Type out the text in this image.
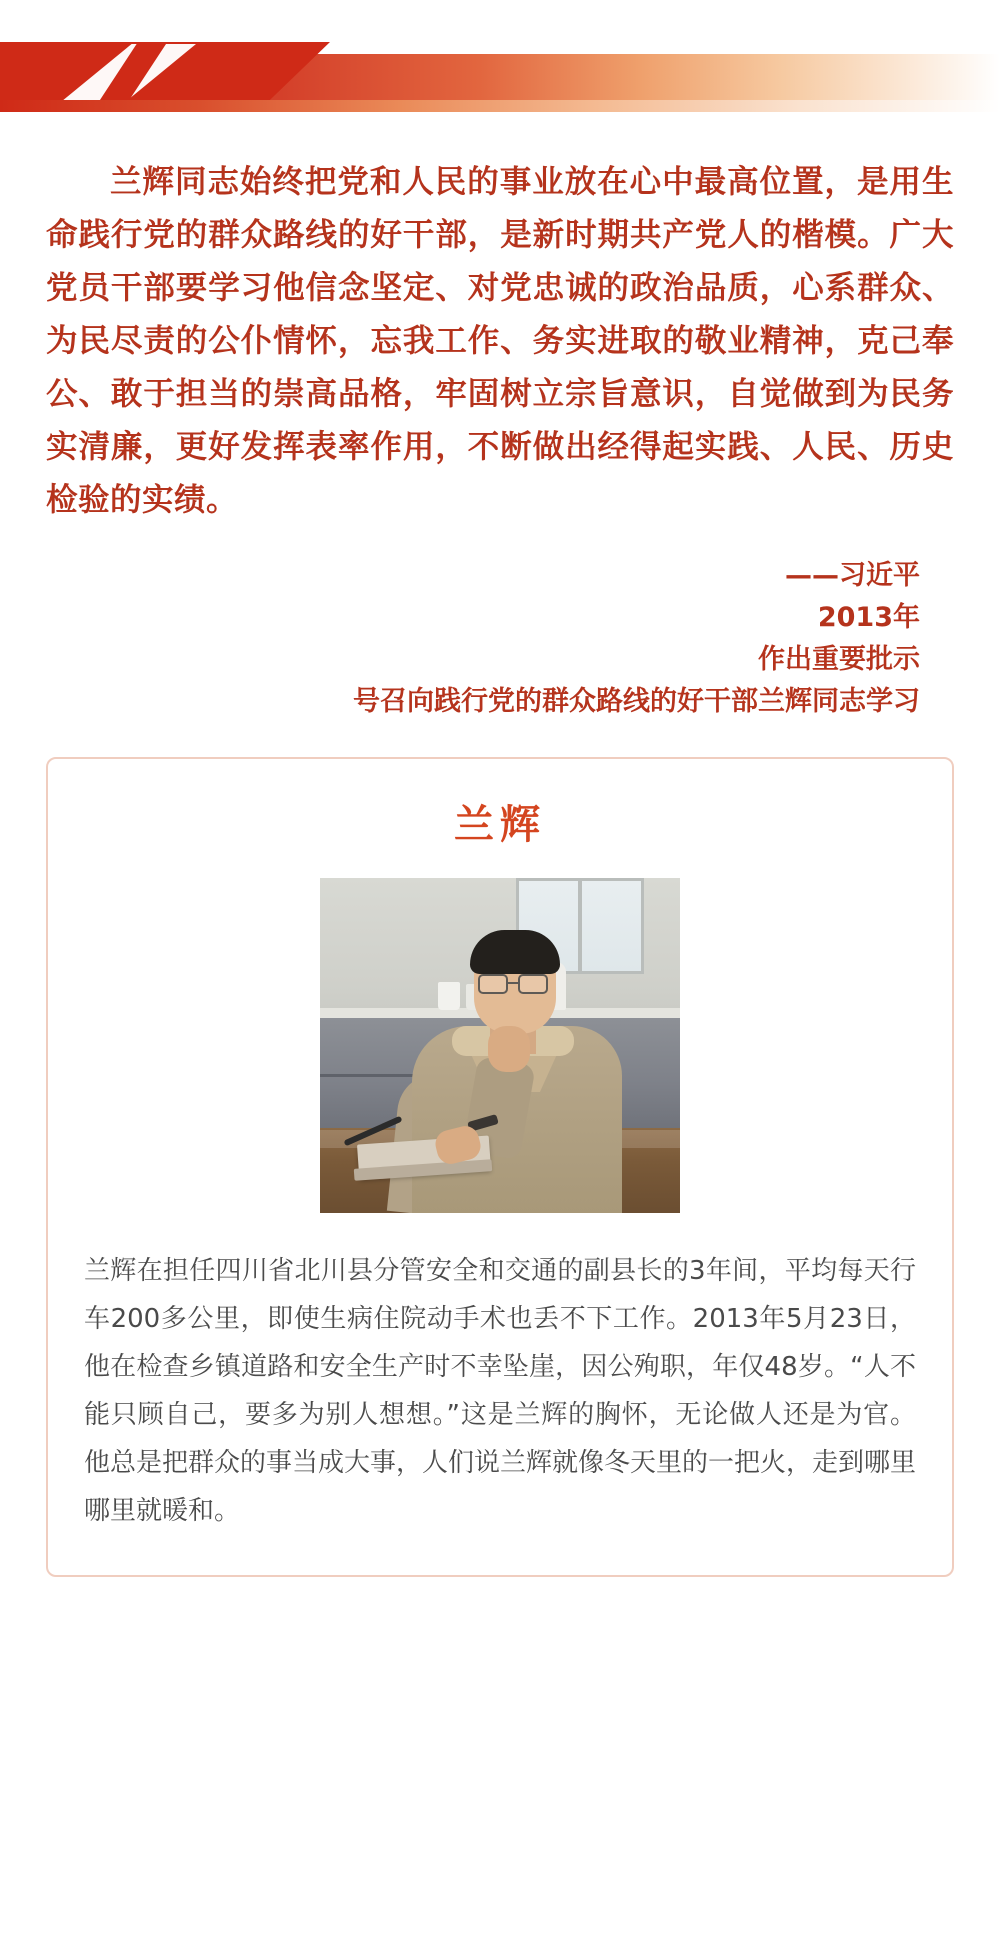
兰辉同志始终把党和人民的事业放在心中最高位置，是用生命践行党的群众路线的好干部，是新时期共产党人的楷模。广大党员干部要学习他信念坚定、对党忠诚的政治品质，心系群众、为民尽责的公仆情怀，忘我工作、务实进取的敬业精神，克己奉公、敢于担当的崇高品格，牢固树立宗旨意识，自觉做到为民务实清廉，更好发挥表率作用，不断做出经得起实践、人民、历史检验的实绩。
——习近平
2013年
作出重要批示
号召向践行党的群众路线的好干部兰辉同志学习
兰辉
兰辉在担任四川省北川县分管安全和交通的副县长的3年间，平均每天行车200多公里，即使生病住院动手术也丢不下工作。2013年5月23日，他在检查乡镇道路和安全生产时不幸坠崖，因公殉职，年仅48岁。“人不能只顾自己，要多为别人想想。”这是兰辉的胸怀，无论做人还是为官。他总是把群众的事当成大事，人们说兰辉就像冬天里的一把火，走到哪里哪里就暖和。
